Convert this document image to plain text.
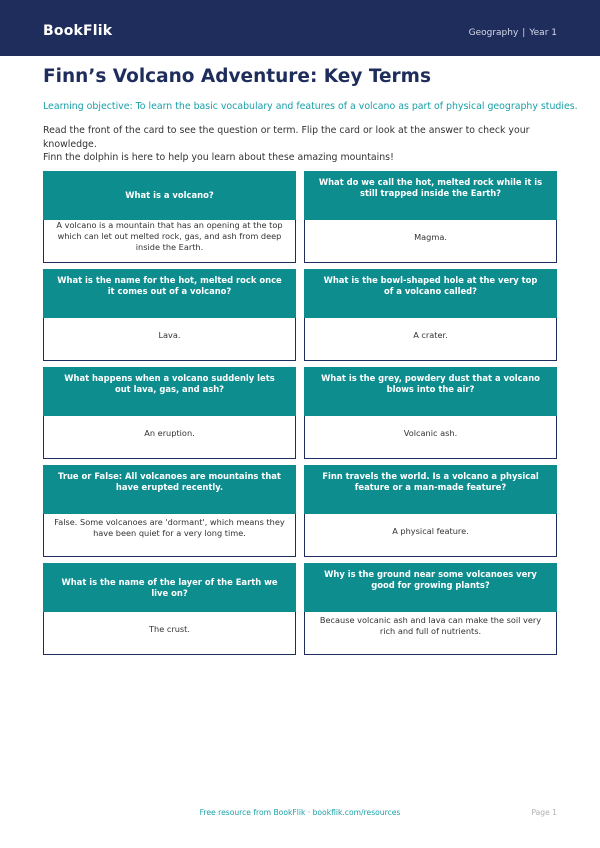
BookFlik	Geography | Year 1
Finn’s Volcano Adventure: Key Terms
Learning objective: To learn the basic vocabulary and features of a volcano as part of physical geography studies.

Read the front of the card to see the question or term. Flip the card or look at the answer to check your knowledge.

Finn the dolphin is here to help you learn about these amazing mountains!

What is a volcano?
A volcano is a mountain that has an opening at the top which can let out melted rock, gas, and ash from deep inside the Earth.
What do we call the hot, melted rock while it is still trapped inside the Earth?
Magma.
What is the name for the hot, melted rock once it comes out of a volcano?
Lava.
What is the bowl-shaped hole at the very top of a volcano called?
A crater.
What happens when a volcano suddenly lets out lava, gas, and ash?
An eruption.
What is the grey, powdery dust that a volcano blows into the air?
Volcanic ash.
True or False: All volcanoes are mountains that have erupted recently.
False. Some volcanoes are 'dormant', which means they have been quiet for a very long time.
Finn travels the world. Is a volcano a physical feature or a man-made feature?
A physical feature.
What is the name of the layer of the Earth we live on?
The crust.
Why is the ground near some volcanoes very good for growing plants?
Because volcanic ash and lava can make the soil very rich and full of nutrients.
Free resource from BookFlik · bookflik.com/resources	Page 1
